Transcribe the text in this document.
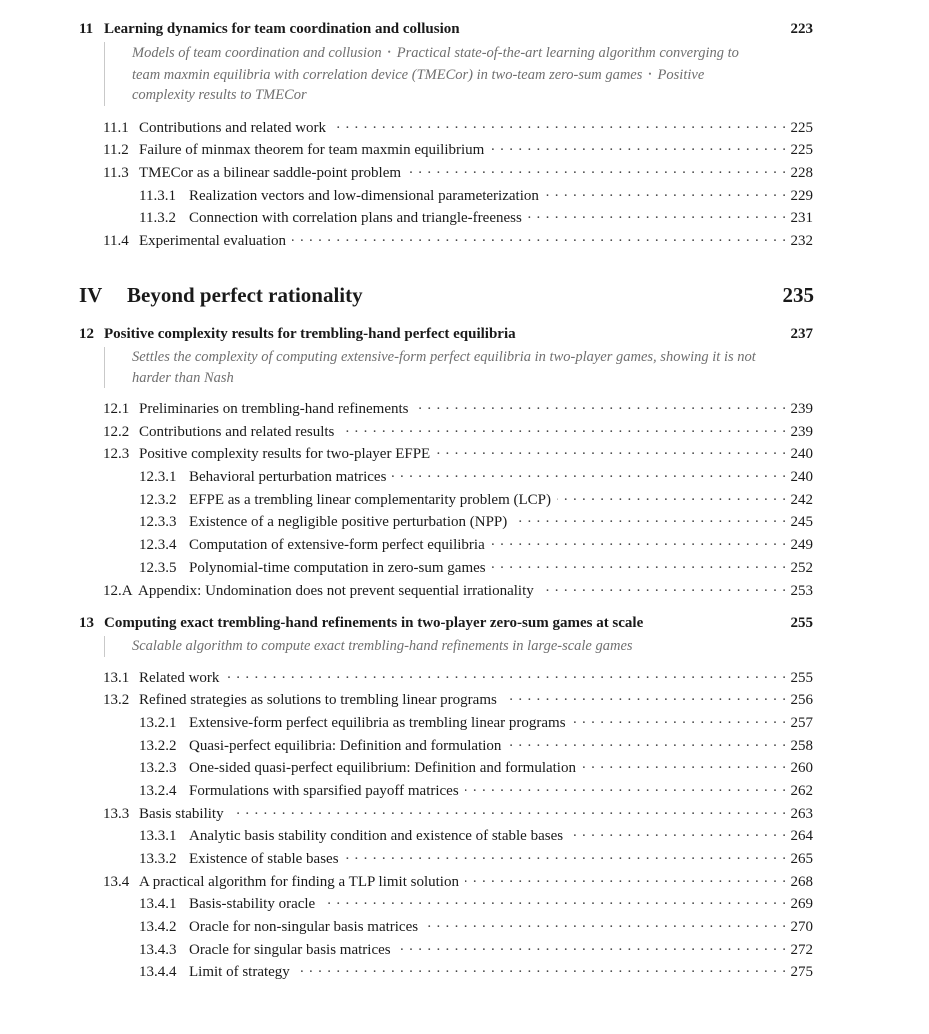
11 Learning dynamics for team coordination and collusion	223
Models of team coordination and collusion • Practical state-of-the-art learning algorithm converging to team maxmin equilibria with correlation device (TMECor) in two-team zero-sum games • Positive complexity results to TMECor
11.1 Contributions and related work . . .	225
11.2 Failure of minmax theorem for team maxmin equilibrium . . .	225
11.3 TMECor as a bilinear saddle-point problem . . .	228
11.3.1 Realization vectors and low-dimensional parameterization . . .	229
11.3.2 Connection with correlation plans and triangle-freeness . . .	231
11.4 Experimental evaluation . . .	232
IV	Beyond perfect rationality	235
12 Positive complexity results for trembling-hand perfect equilibria	237
Settles the complexity of computing extensive-form perfect equilibria in two-player games, showing it is not harder than Nash
12.1 Preliminaries on trembling-hand refinements . . .	239
12.2 Contributions and related results . . .	239
12.3 Positive complexity results for two-player EFPE . . .	240
12.3.1 Behavioral perturbation matrices . . .	240
12.3.2 EFPE as a trembling linear complementarity problem (LCP) . . .	242
12.3.3 Existence of a negligible positive perturbation (NPP) . . .	245
12.3.4 Computation of extensive-form perfect equilibria . . .	249
12.3.5 Polynomial-time computation in zero-sum games . . .	252
12.A Appendix: Undomination does not prevent sequential irrationality . . .	253
13 Computing exact trembling-hand refinements in two-player zero-sum games at scale	255
Scalable algorithm to compute exact trembling-hand refinements in large-scale games
13.1 Related work . . .	255
13.2 Refined strategies as solutions to trembling linear programs . . .	256
13.2.1 Extensive-form perfect equilibria as trembling linear programs . . .	257
13.2.2 Quasi-perfect equilibria: Definition and formulation . . .	258
13.2.3 One-sided quasi-perfect equilibrium: Definition and formulation . . .	260
13.2.4 Formulations with sparsified payoff matrices . . .	262
13.3 Basis stability . . .	263
13.3.1 Analytic basis stability condition and existence of stable bases . . .	264
13.3.2 Existence of stable bases . . .	265
13.4 A practical algorithm for finding a TLP limit solution . . .	268
13.4.1 Basis-stability oracle . . .	269
13.4.2 Oracle for non-singular basis matrices . . .	270
13.4.3 Oracle for singular basis matrices . . .	272
13.4.4 Limit of strategy . . .	275
